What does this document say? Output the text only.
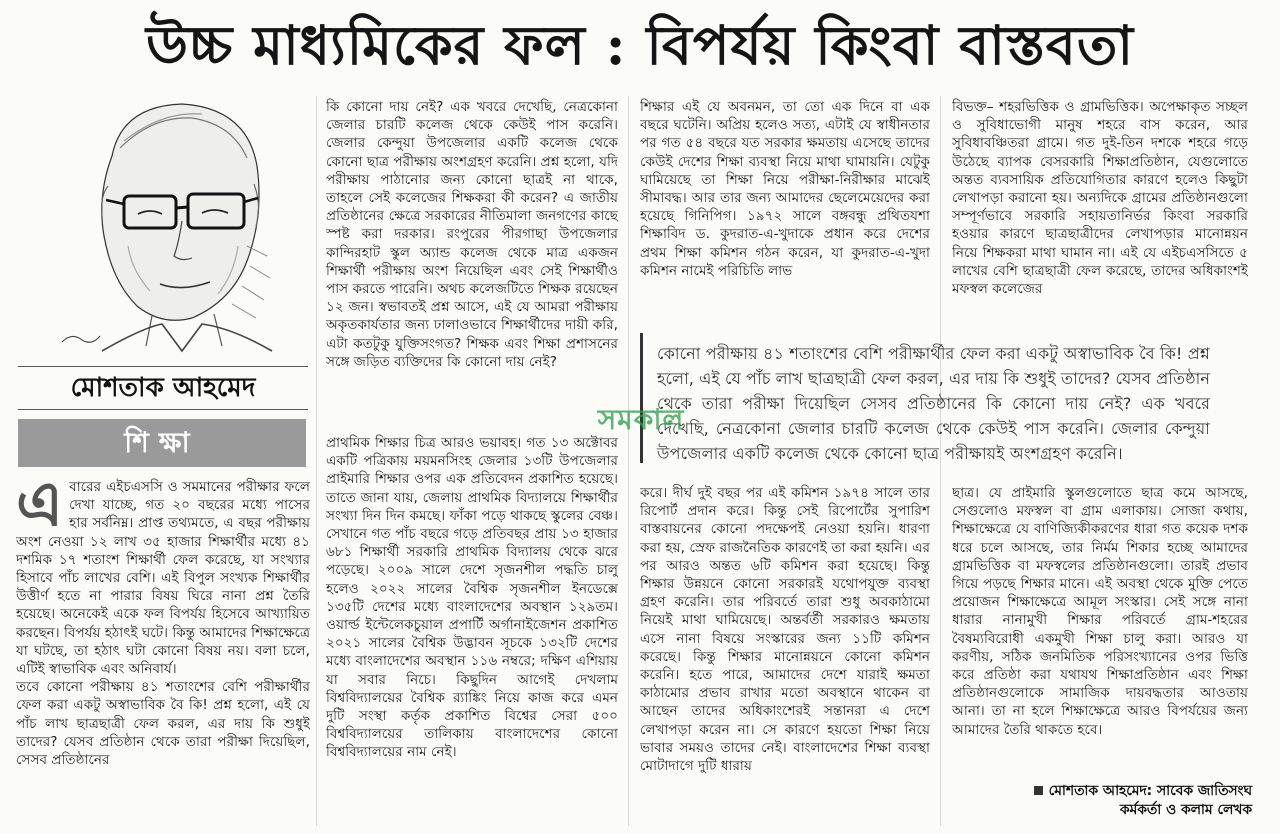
উচ্চ মাধ্যমিকের ফল : বিপর্যয় কিংবা বাস্তবতা
মোশতাক আহমেদ
শিক্ষা
এ বারের এইচএসসি ও সমমানের পরীক্ষার ফলে দেখা যাচ্ছে, গত ২০ বছরের মধ্যে পাসের হার সর্বনিম্ন। প্রাপ্ত তথ্যমতে, এ বছর পরীক্ষায় অংশ নেওয়া ১২ লাখ ৩৫ হাজার শিক্ষার্থীর মধ্যে ৪১ দশমিক ১৭ শতাংশ শিক্ষার্থী ফেল করেছে, যা সংখ্যার হিসাবে পাঁচ লাখের বেশি। এই বিপুল সংখ্যক শিক্ষার্থীর উত্তীর্ণ হতে না পারার বিষয় ঘিরে নানা প্রশ্ন তৈরি হয়েছে। অনেকেই একে ফল বিপর্যয় হিসেবে আখ্যায়িত করছেন। বিপর্যয় হঠাৎই ঘটে। কিন্তু আমাদের শিক্ষাক্ষেত্রে যা ঘটছে, তা হঠাৎ ঘটা কোনো বিষয় নয়। বলা চলে, এটিই স্বাভাবিক এবং অনিবার্য।

তবে কোনো পরীক্ষায় ৪১ শতাংশের বেশি পরীক্ষার্থীর ফেল করা একটু অস্বাভাবিক বৈ কি! প্রশ্ন হলো, এই যে পাঁচ লাখ ছাত্রছাত্রী ফেল করল, এর দায় কি শুধুই তাদের? যেসব প্রতিষ্ঠান থেকে তারা পরীক্ষা দিয়েছিল, সেসব প্রতিষ্ঠানের

কি কোনো দায় নেই? এক খবরে দেখেছি, নেত্রকোনা জেলার চারটি কলেজ থেকে কেউই পাস করেনি। জেলার কেন্দুয়া উপজেলার একটি কলেজ থেকে কোনো ছাত্র পরীক্ষায় অংশগ্রহণ করেনি। প্রশ্ন হলো, যদি পরীক্ষায় পাঠানোর জন্য কোনো ছাত্রই না থাকে, তাহলে সেই কলেজের শিক্ষকরা কী করেন? এ জাতীয় প্রতিষ্ঠানের ক্ষেত্রে সরকারের নীতিমালা জনগণের কাছে স্পষ্ট করা দরকার। রংপুরের পীরগাছা উপজেলার কান্দিরহাট স্কুল অ্যান্ড কলেজ থেকে মাত্র একজন শিক্ষার্থী পরীক্ষায় অংশ নিয়েছিল এবং সেই শিক্ষার্থীও পাস করতে পারেনি। অথচ কলেজটিতে শিক্ষক রয়েছেন ১২ জন। স্বভাবতই প্রশ্ন আসে, এই যে আমরা পরীক্ষায় অকৃতকার্যতার জন্য ঢালাওভাবে শিক্ষার্থীদের দায়ী করি, এটা কতটুকু যুক্তিসংগত? শিক্ষক এবং শিক্ষা প্রশাসনের সঙ্গে জড়িত ব্যক্তিদের কি কোনো দায় নেই?

প্রাথমিক শিক্ষার চিত্র আরও ভয়াবহ। গত ১৩ অক্টোবর একটি পত্রিকায় ময়মনসিংহ জেলার ১৩টি উপজেলার প্রাইমারি শিক্ষার ওপর এক প্রতিবেদন প্রকাশিত হয়েছে। তাতে জানা যায়, জেলায় প্রাথমিক বিদ্যালয়ে শিক্ষার্থীর সংখ্যা দিন দিন কমছে। ফাঁকা পড়ে থাকছে স্কুলের বেঞ্চ। সেখানে গত পাঁচ বছরে গড়ে প্রতিবছর প্রায় ১৩ হাজার ৬৮১ শিক্ষার্থী সরকারি প্রাথমিক বিদ্যালয় থেকে ঝরে পড়েছে। ২০০৯ সালে দেশে সৃজনশীল পদ্ধতি চালু হলেও ২০২২ সালের বৈশ্বিক সৃজনশীল ইনডেক্সে ১৩৫টি দেশের মধ্যে বাংলাদেশের অবস্থান ১২৯তম। ওয়ার্ল্ড ইন্টেলেকচুয়াল প্রপার্টি অর্গানাইজেশন প্রকাশিত ২০২১ সালের বৈশ্বিক উদ্ভাবন সূচকে ১৩২টি দেশের মধ্যে বাংলাদেশের অবস্থান ১১৬ নম্বরে; দক্ষিণ এশিয়ায় যা সবার নিচে। কিছুদিন আগেই দেখলাম বিশ্ববিদ্যালয়ের বৈশ্বিক র‍্যাঙ্কিং নিয়ে কাজ করে এমন দুটি সংস্থা কর্তৃক প্রকাশিত বিশ্বের সেরা ৫০০ বিশ্ববিদ্যালয়ের তালিকায় বাংলাদেশের কোনো বিশ্ববিদ্যালয়ের নাম নেই।

শিক্ষার এই যে অবনমন, তা তো এক দিনে বা এক বছরে ঘটেনি। অপ্রিয় হলেও সত্য, এটাই যে স্বাধীনতার পর গত ৫৪ বছরে যত সরকার ক্ষমতায় এসেছে তাদের কেউই দেশের শিক্ষা ব্যবস্থা নিয়ে মাথা ঘামায়নি। যেটুকু ঘামিয়েছে তা শিক্ষা নিয়ে পরীক্ষা-নিরীক্ষার মাঝেই সীমাবদ্ধ। আর তার জন্য আমাদের ছেলেমেয়েদের করা হয়েছে গিনিপিগ। ১৯৭২ সালে বঙ্গবন্ধু প্রথিতযশা শিক্ষাবিদ ড. কুদরাত-এ-খুদাকে প্রধান করে দেশের প্রথম শিক্ষা কমিশন গঠন করেন, যা কুদরাত-এ-খুদা কমিশন নামেই পরিচিতি লাভ

করে। দীর্ঘ দুই বছর পর এই কমিশন ১৯৭৪ সালে তার রিপোর্ট প্রদান করে। কিন্তু সেই রিপোর্টের সুপারিশ বাস্তবায়নের কোনো পদক্ষেপই নেওয়া হয়নি। ধারণা করা হয়, স্রেফ রাজনৈতিক কারণেই তা করা হয়নি। এর পর আরও অন্তত ৬টি কমিশন করা হয়েছে। কিন্তু শিক্ষার উন্নয়নে কোনো সরকারই যথোপযুক্ত ব্যবস্থা গ্রহণ করেনি। তার পরিবর্তে তারা শুধু অবকাঠামো নিয়েই মাথা ঘামিয়েছে। অন্তর্বর্তী সরকারও ক্ষমতায় এসে নানা বিষয়ে সংস্কারের জন্য ১১টি কমিশন করেছে। কিন্তু শিক্ষার মানোন্নয়নে কোনো কমিশন করেনি। হতে পারে, আমাদের দেশে যারাই ক্ষমতা কাঠামোর প্রভাব রাখার মতো অবস্থানে থাকেন বা আছেন তাদের অধিকাংশেরই সন্তানরা এ দেশে লেখাপড়া করেন না। সে কারণে হয়তো শিক্ষা নিয়ে ভাবার সময়ও তাদের নেই। বাংলাদেশের শিক্ষা ব্যবস্থা মোটাদাগে দুটি ধারায়

বিভক্ত– শহরভিত্তিক ও গ্রামভিত্তিক। অপেক্ষাকৃত সচ্ছল ও সুবিধাভোগী মানুষ শহরে বাস করেন, আর সুবিধাবঞ্চিতরা গ্রামে। গত দুই-তিন দশকে শহরে গড়ে উঠেছে ব্যাপক বেসরকারি শিক্ষাপ্রতিষ্ঠান, যেগুলোতে অন্তত ব্যবসায়িক প্রতিযোগিতার কারণে হলেও কিছুটা লেখাপড়া করানো হয়। অন্যদিকে গ্রামের প্রতিষ্ঠানগুলো সম্পূর্ণভাবে সরকারি সহায়তানির্ভর কিংবা সরকারি হওয়ার কারণে ছাত্রছাত্রীদের লেখাপড়ার মানোন্নয়ন নিয়ে শিক্ষকরা মাথা ঘামান না। এই যে এইচএসসিতে ৫ লাখের বেশি ছাত্রছাত্রী ফেল করেছে, তাদের অধিকাংশই মফস্বল কলেজের

ছাত্র। যে প্রাইমারি স্কুলগুলোতে ছাত্র কমে আসছে, সেগুলোও মফস্বল বা গ্রাম এলাকায়। সোজা কথায়, শিক্ষাক্ষেত্রে যে বাণিজ্যিকীকরণের ধারা গত কয়েক দশক ধরে চলে আসছে, তার নির্মম শিকার হচ্ছে আমাদের গ্রামভিত্তিক বা মফস্বলের প্রতিষ্ঠানগুলো। তারই প্রভাব গিয়ে পড়ছে শিক্ষার মানে। এই অবস্থা থেকে মুক্তি পেতে প্রয়োজন শিক্ষাক্ষেত্রে আমূল সংস্কার। সেই সঙ্গে নানা ধারার নানামুখী শিক্ষার পরিবর্তে গ্রাম-শহরের বৈষম্যবিরোধী একমুখী শিক্ষা চালু করা। আরও যা করণীয়, সঠিক জনমিতিক পরিসংখ্যানের ওপর ভিত্তি করে প্রতিষ্ঠা করা যথাযথ শিক্ষাপ্রতিষ্ঠান এবং শিক্ষা প্রতিষ্ঠানগুলোকে সামাজিক দায়বদ্ধতার আওতায় আনা। তা না হলে শিক্ষাক্ষেত্রে আরও বিপর্যয়ের জন্য আমাদের তৈরি থাকতে হবে।

কোনো পরীক্ষায় ৪১ শতাংশের বেশি পরীক্ষার্থীর ফেল করা একটু অস্বাভাবিক বৈ কি! প্রশ্ন হলো, এই যে পাঁচ লাখ ছাত্রছাত্রী ফেল করল, এর দায় কি শুধুই তাদের? যেসব প্রতিষ্ঠান থেকে তারা পরীক্ষা দিয়েছিল সেসব প্রতিষ্ঠানের কি কোনো দায় নেই? এক খবরে দেখেছি, নেত্রকোনা জেলার চারটি কলেজ থেকে কেউই পাস করেনি। জেলার কেন্দুয়া উপজেলার একটি কলেজ থেকে কোনো ছাত্র পরীক্ষায়ই অংশগ্রহণ করেনি।
সমকাল
মোশতাক আহমেদ: সাবেক জাতিসংঘ
কর্মকর্তা ও কলাম লেখক
